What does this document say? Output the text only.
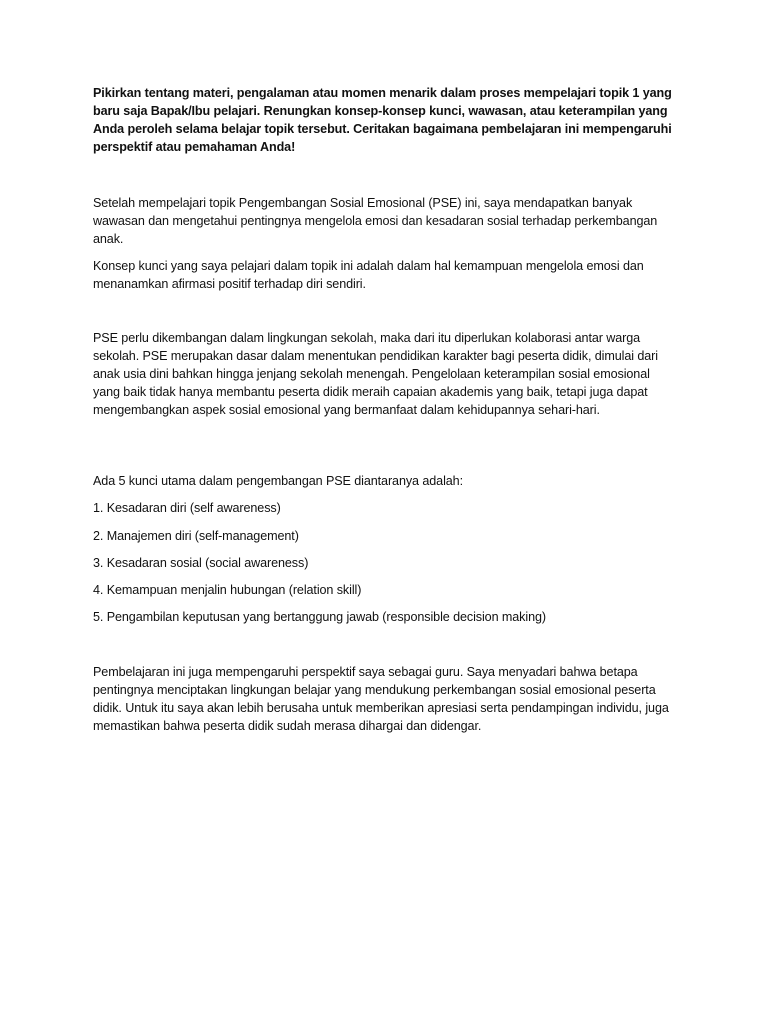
Pikirkan tentang materi, pengalaman atau momen menarik dalam proses mempelajari topik 1 yang baru saja Bapak/Ibu pelajari. Renungkan konsep-konsep kunci, wawasan, atau keterampilan yang Anda peroleh selama belajar topik tersebut. Ceritakan bagaimana pembelajaran ini mempengaruhi perspektif atau pemahaman Anda!

Setelah mempelajari topik Pengembangan Sosial Emosional (PSE) ini, saya mendapatkan banyak wawasan dan mengetahui pentingnya mengelola emosi dan kesadaran sosial terhadap perkembangan anak.

Konsep kunci yang saya pelajari dalam topik ini adalah dalam hal kemampuan mengelola emosi dan menanamkan afirmasi positif terhadap diri sendiri.

PSE perlu dikembangan dalam lingkungan sekolah, maka dari itu diperlukan kolaborasi antar warga sekolah. PSE merupakan dasar dalam menentukan pendidikan karakter bagi peserta didik, dimulai dari anak usia dini bahkan hingga jenjang sekolah menengah. Pengelolaan keterampilan sosial emosional yang baik tidak hanya membantu peserta didik meraih capaian akademis yang baik, tetapi juga dapat mengembangkan aspek sosial emosional yang bermanfaat dalam kehidupannya sehari-hari.

Ada 5 kunci utama dalam pengembangan PSE diantaranya adalah:

1. Kesadaran diri (self awareness)

2. Manajemen diri (self-management)

3. Kesadaran sosial (social awareness)

4. Kemampuan menjalin hubungan (relation skill)

5. Pengambilan keputusan yang bertanggung jawab (responsible decision making)

Pembelajaran ini juga mempengaruhi perspektif saya sebagai guru. Saya menyadari bahwa betapa pentingnya menciptakan lingkungan belajar yang mendukung perkembangan sosial emosional peserta didik. Untuk itu saya akan lebih berusaha untuk memberikan apresiasi serta pendampingan individu, juga memastikan bahwa peserta didik sudah merasa dihargai dan didengar.
